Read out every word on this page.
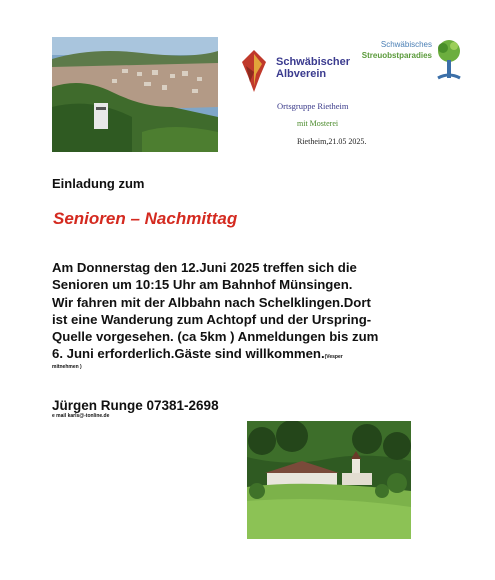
Schwäbischer
Albverein
Ortsgruppe Rietheim
mit Mosterei
Rietheim,21.05 2025.
Schwäbisches
Streuobstparadies
Einladung zum
Senioren – Nachmittag
Am Donnerstag den 12.Juni 2025 treffen sich die
Senioren um 10:15 Uhr am Bahnhof Münsingen.
Wir fahren mit der Albbahn nach Schelklingen.Dort
ist eine Wanderung zum Achtopf und der Urspring-
Quelle vorgesehen. (ca 5km ) Anmeldungen bis zum
6. Juni erforderlich.Gäste sind willkommen.(Vesper
mitnehmen )
Jürgen Runge 07381-2698
e mail karls@-tonline.de
